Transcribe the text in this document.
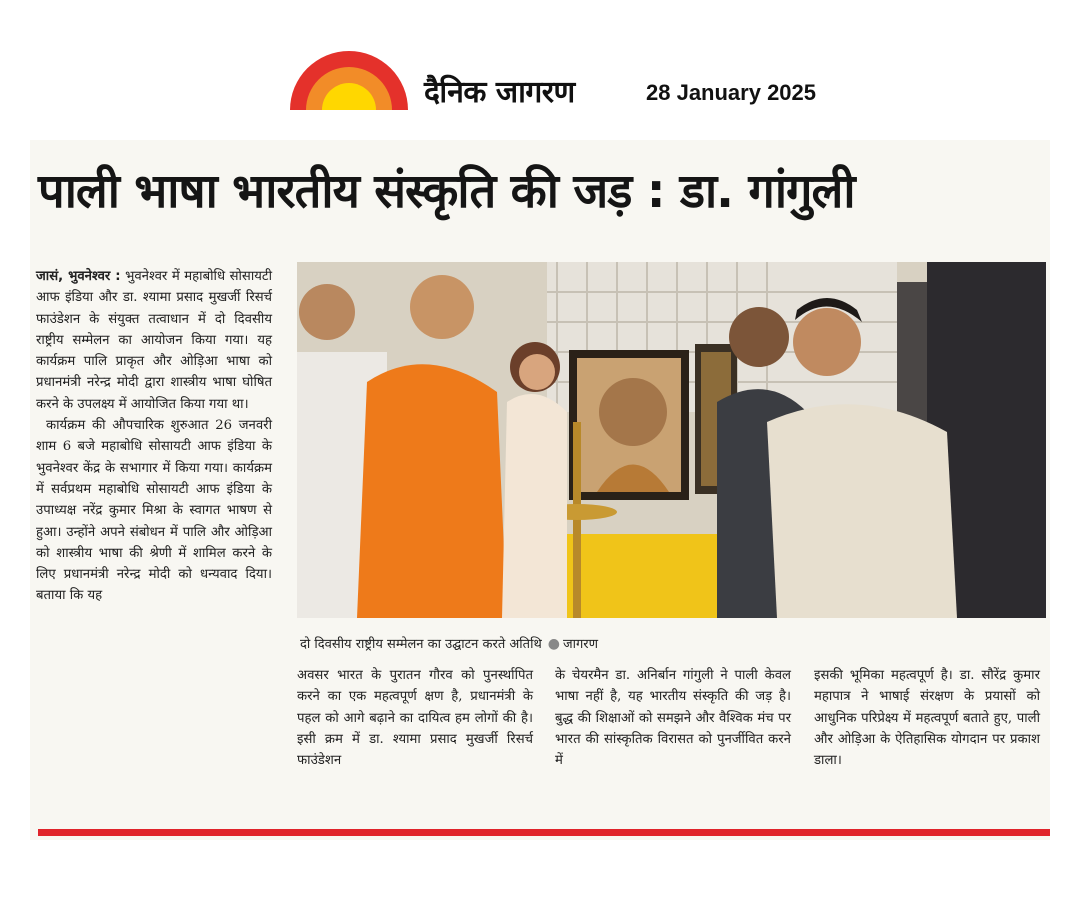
दैनिक जागरण	28 January 2025
पाली भाषा भारतीय संस्कृति की जड़ : डा. गांगुली

जासं, भुवनेश्वर : भुवनेश्वर में महाबोधि सोसायटी आफ इंडिया और डा. श्यामा प्रसाद मुखर्जी रिसर्च फाउंडेशन के संयुक्त तत्वाधान में दो दिवसीय राष्ट्रीय सम्मेलन का आयोजन किया गया। यह कार्यक्रम पालि प्राकृत और ओड़िआ भाषा को प्रधानमंत्री नरेन्द्र मोदी द्वारा शास्त्रीय भाषा घोषित करने के उपलक्ष्य में आयोजित किया गया था।

कार्यक्रम की औपचारिक शुरुआत 26 जनवरी शाम 6 बजे महाबोधि सोसायटी आफ इंडिया के भुवनेश्वर केंद्र के सभागार में किया गया। कार्यक्रम में सर्वप्रथम महाबोधि सोसायटी आफ इंडिया के उपाध्यक्ष नरेंद्र कुमार मिश्रा के स्वागत भाषण से हुआ। उन्होंने अपने संबोधन में पालि और ओड़िआ को शास्त्रीय भाषा की श्रेणी में शामिल करने के लिए प्रधानमंत्री नरेन्द्र मोदी को धन्यवाद दिया। बताया कि यह

दो दिवसीय राष्ट्रीय सम्मेलन का उद्घाटन करते अतिथि ● जागरण
अवसर भारत के पुरातन गौरव को पुनर्स्थापित करने का एक महत्वपूर्ण क्षण है, प्रधानमंत्री के पहल को आगे बढ़ाने का दायित्व हम लोगों की है। इसी क्रम में डा. श्यामा प्रसाद मुखर्जी रिसर्च फाउंडेशन
के चेयरमैन डा. अनिर्बान गांगुली ने पाली केवल भाषा नहीं है, यह भारतीय संस्कृति की जड़ है। बुद्ध की शिक्षाओं को समझने और वैश्विक मंच पर भारत की सांस्कृतिक विरासत को पुनर्जीवित करने में
इसकी भूमिका महत्वपूर्ण है। डा. सौरेंद्र कुमार महापात्र ने भाषाई संरक्षण के प्रयासों को आधुनिक परिप्रेक्ष्य में महत्वपूर्ण बताते हुए, पाली और ओड़िआ के ऐतिहासिक योगदान पर प्रकाश डाला।
